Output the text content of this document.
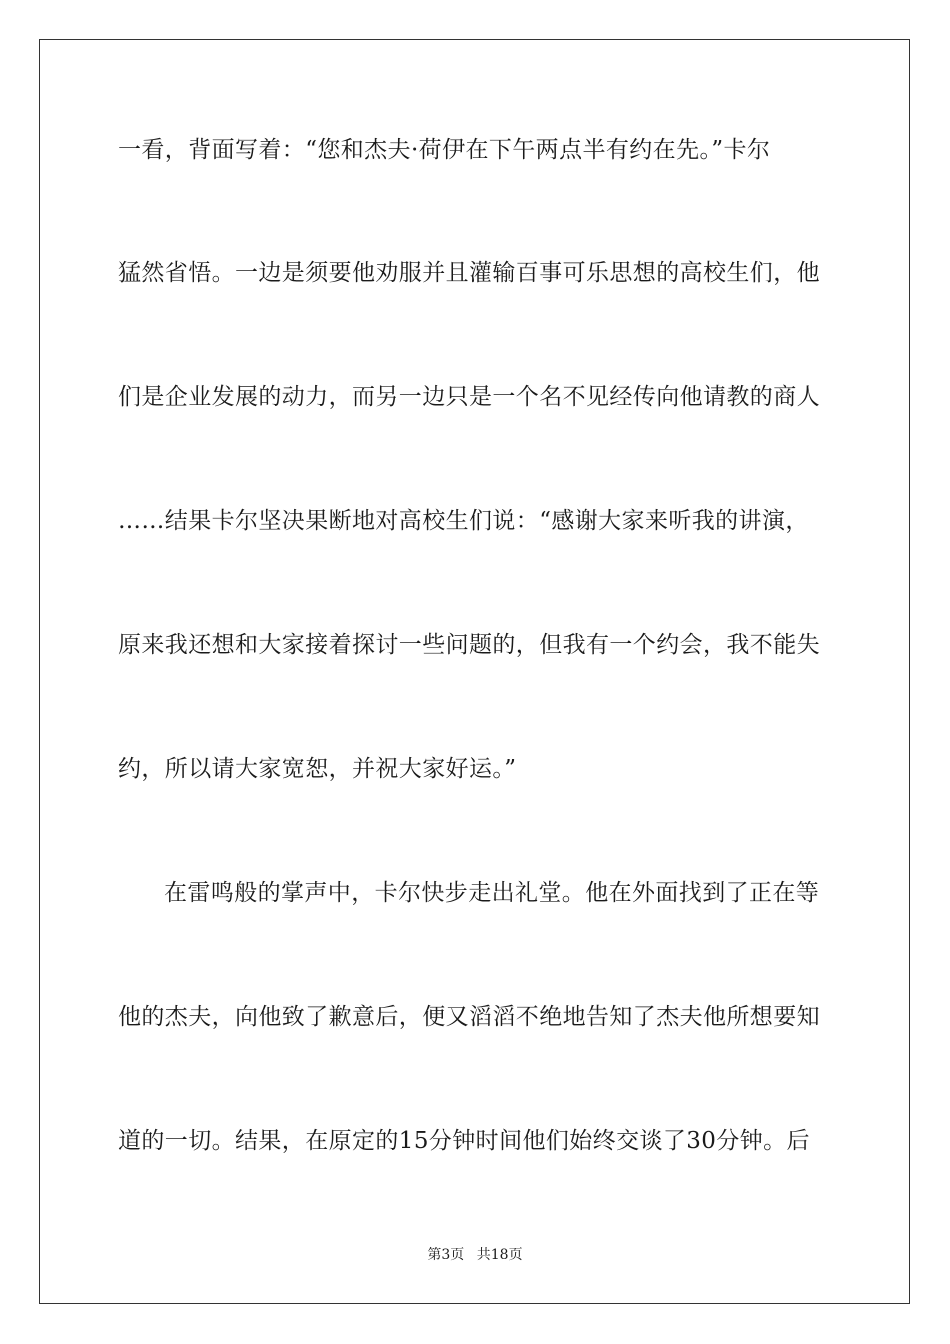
一看，背面写着：“您和杰夫·荷伊在下午两点半有约在先。”卡尔
猛然省悟。一边是须要他劝服并且灌输百事可乐思想的高校生们，他
们是企业发展的动力，而另一边只是一个名不见经传向他请教的商人
……结果卡尔坚决果断地对高校生们说：“感谢大家来听我的讲演，
原来我还想和大家接着探讨一些问题的，但我有一个约会，我不能失
约，所以请大家宽恕，并祝大家好运。”
在雷鸣般的掌声中，卡尔快步走出礼堂。他在外面找到了正在等
他的杰夫，向他致了歉意后，便又滔滔不绝地告知了杰夫他所想要知
道的一切。结果，在原定的15分钟时间他们始终交谈了30分钟。后
第3页 共18页
